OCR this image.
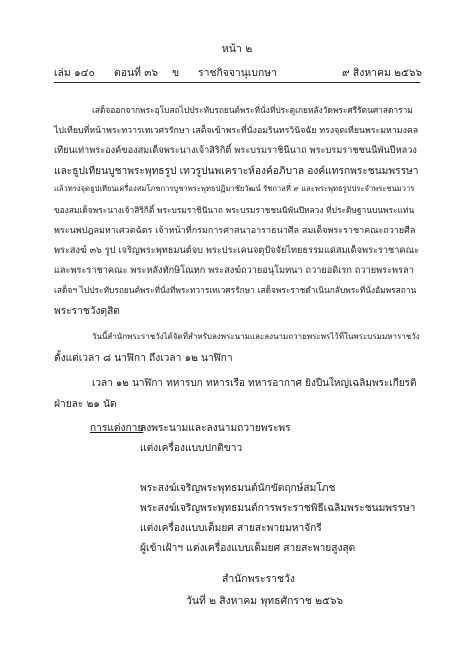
หน้า ๒
เล่ม ๑๔๐ ตอนที่ ๓๖ ข ราชกิจจานุเบกษา	๙ สิงหาคม ๒๕๖๖
เสด็จออกจากพระอุโบสถไปประทับรถยนต์พระที่นั่งที่ประตูเกยหลังวัดพระศรีรัตนศาสดาราม
ไปเทียบที่หน้าพระทวารเทเวศรรักษา เสด็จเข้าพระที่นั่งอมรินทรวินิจฉัย ทรงจุดเทียนพระมหามงคล
เทียนเท่าพระองค์ของสมเด็จพระนางเจ้าสิริกิติ์ พระบรมราชินีนาถ พระบรมราชชนนีพันปีหลวง
และธูปเทียนบูชาพระพุทธรูป เทวรูปนพเคราะห์องค์อภิบาล องค์แทรกพระชนมพรรษา
แล้วทรงจุดธูปเทียนเครื่องสมโภชการบูชาพระพุทธปฏิมาชัยวัฒน์ รัชกาลที่ ๙ และพระพุทธรูปประจำพระชนมวาร
ของสมเด็จพระนางเจ้าสิริกิติ์ พระบรมราชินีนาถ พระบรมราชชนนีพันปีหลวง ที่ประดิษฐานบนพระแท่น
พระนพปฎลมหาเศวตฉัตร เจ้าหน้าที่กรมการศาสนาอาราธนาศีล สมเด็จพระราชาคณะถวายศีล
พระสงฆ์ ๓๖ รูป เจริญพระพุทธมนต์จบ พระประเคนจตุปัจจัยไทยธรรมแด่สมเด็จพระราชาคณะ
และพระราชาคณะ พระหลังทักษิโณทก พระสงฆ์ถวายอนุโมทนา ถวายอดิเรก ถวายพระพรลา
เสด็จฯ ไปประทับรถยนต์พระที่นั่งที่พระทวารเทเวศรรักษา เสด็จพระราชดำเนินกลับพระที่นั่งอัมพรสถาน
พระราชวังดุสิต
วันนี้สำนักพระราชวังได้จัดที่สำหรับลงพระนามและลงนามถวายพระพรไว้ที่ในพระบรมมหาราชวัง
ตั้งแต่เวลา ๘ นาฬิกา ถึงเวลา ๑๒ นาฬิกา
เวลา ๑๒ นาฬิกา ทหารบก ทหารเรือ ทหารอากาศ ยิงปืนใหญ่เฉลิมพระเกียรติ
ฝ่ายละ ๒๑ นัด
การแต่งกาย
ลงพระนามและลงนามถวายพระพร
แต่งเครื่องแบบปกติขาว
พระสงฆ์เจริญพระพุทธมนต์นักขัตฤกษ์สมโภช
พระสงฆ์เจริญพระพุทธมนต์การพระราชพิธีเฉลิมพระชนมพรรษา
แต่งเครื่องแบบเต็มยศ สายสะพายมหาจักรี
ผู้เข้าเฝ้าฯ แต่งเครื่องแบบเต็มยศ สายสะพายสูงสุด
สำนักพระราชวัง
วันที่ ๒ สิงหาคม พุทธศักราช ๒๕๖๖
